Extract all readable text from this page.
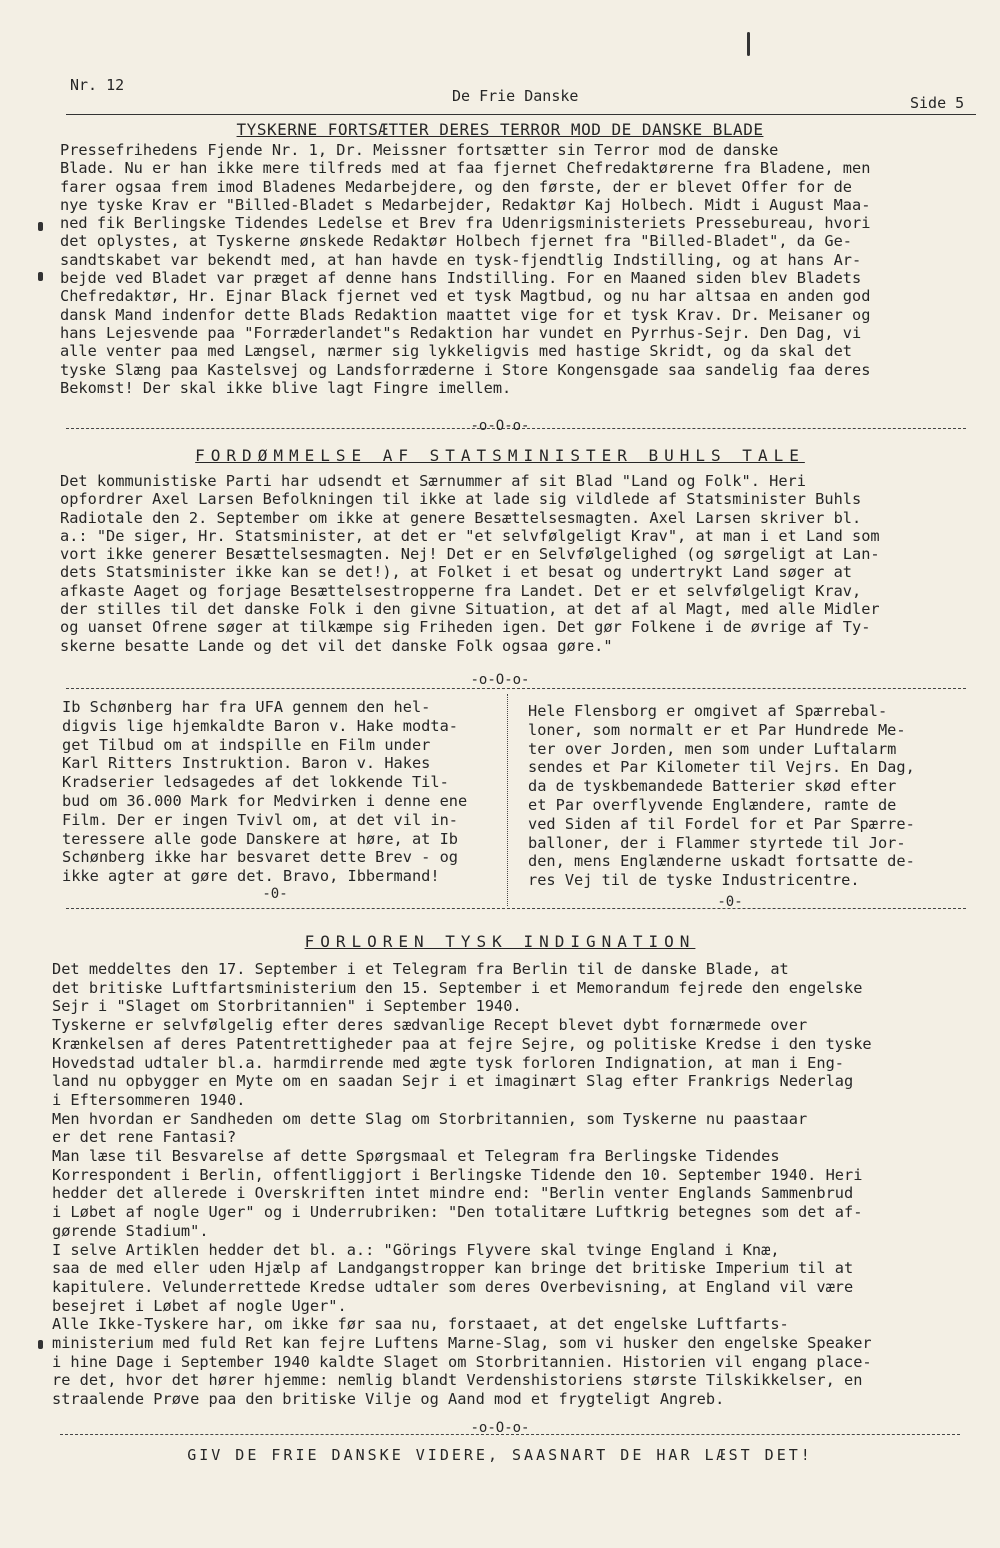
Nr. 12
De Frie Danske	Side 5
TYSKERNE FORTSÆTTER DERES TERROR MOD DE DANSKE BLADE

Pressefrihedens Fjende Nr. 1, Dr. Meissner fortsætter sin Terror mod de danske
Blade. Nu er han ikke mere tilfreds med at faa fjernet Chefredaktørerne fra Bladene, men
farer ogsaa frem imod Bladenes Medarbejdere, og den første, der er blevet Offer for de
nye tyske Krav er "Billed-Bladet s Medarbejder, Redaktør Kaj Holbech. Midt i August Maa-
ned fik Berlingske Tidendes Ledelse et Brev fra Udenrigsministeriets Pressebureau, hvori
det oplystes, at Tyskerne ønskede Redaktør Holbech fjernet fra "Billed-Bladet", da Ge-
sandtskabet var bekendt med, at han havde en tysk-fjendtlig Indstilling, og at hans Ar-
bejde ved Bladet var præget af denne hans Indstilling. For en Maaned siden blev Bladets
Chefredaktør, Hr. Ejnar Black fjernet ved et tysk Magtbud, og nu har altsaa en anden god
dansk Mand indenfor dette Blads Redaktion maattet vige for et tysk Krav. Dr. Meisaner og
hans Lejesvende paa "Forræderlandet"s Redaktion har vundet en Pyrrhus-Sejr. Den Dag, vi
alle venter paa med Længsel, nærmer sig lykkeligvis med hastige Skridt, og da skal det
tyske Slæng paa Kastelsvej og Landsforræderne i Store Kongensgade saa sandelig faa deres
Bekomst! Der skal ikke blive lagt Fingre imellem.

-o-O-o-
FORDØMMELSE AF STATSMINISTER BUHLS TALE

Det kommunistiske Parti har udsendt et Særnummer af sit Blad "Land og Folk". Heri
opfordrer Axel Larsen Befolkningen til ikke at lade sig vildlede af Statsminister Buhls
Radiotale den 2. September om ikke at genere Besættelsesmagten. Axel Larsen skriver bl.
a.: "De siger, Hr. Statsminister, at det er "et selvfølgeligt Krav", at man i et Land som
vort ikke generer Besættelsesmagten. Nej! Det er en Selvfølgelighed (og sørgeligt at Lan-
dets Statsminister ikke kan se det!), at Folket i et besat og undertrykt Land søger at
afkaste Aaget og forjage Besættelsestropperne fra Landet. Det er et selvfølgeligt Krav,
der stilles til det danske Folk i den givne Situation, at det af al Magt, med alle Midler
og uanset Ofrene søger at tilkæmpe sig Friheden igen. Det gør Folkene i de øvrige af Ty-
skerne besatte Lande og det vil det danske Folk ogsaa gøre."

-o-O-o-

Ib Schønberg har fra UFA gennem den hel-
digvis lige hjemkaldte Baron v. Hake modta-
get Tilbud om at indspille en Film under
Karl Ritters Instruktion. Baron v. Hakes
Kradserier ledsagedes af det lokkende Til-
bud om 36.000 Mark for Medvirken i denne ene
Film. Der er ingen Tvivl om, at det vil in-
teressere alle gode Danskere at høre, at Ib
Schønberg ikke har besvaret dette Brev - og
ikke agter at gøre det. Bravo, Ibbermand!

-0-

Hele Flensborg er omgivet af Spærrebal-
loner, som normalt er et Par Hundrede Me-
ter over Jorden, men som under Luftalarm
sendes et Par Kilometer til Vejrs. En Dag,
da de tyskbemandede Batterier skød efter
et Par overflyvende Englændere, ramte de
ved Siden af til Fordel for et Par Spærre-
balloner, der i Flammer styrtede til Jor-
den, mens Englænderne uskadt fortsatte de-
res Vej til de tyske Industricentre.

-0-
FORLOREN TYSK INDIGNATION

Det meddeltes den 17. September i et Telegram fra Berlin til de danske Blade, at
det britiske Luftfartsministerium den 15. September i et Memorandum fejrede den engelske
Sejr i "Slaget om Storbritannien" i September 1940.
Tyskerne er selvfølgelig efter deres sædvanlige Recept blevet dybt fornærmede over
Krænkelsen af deres Patentrettigheder paa at fejre Sejre, og politiske Kredse i den tyske
Hovedstad udtaler bl.a. harmdirrende med ægte tysk forloren Indignation, at man i Eng-
land nu opbygger en Myte om en saadan Sejr i et imaginært Slag efter Frankrigs Nederlag
i Eftersommeren 1940.
Men hvordan er Sandheden om dette Slag om Storbritannien, som Tyskerne nu paastaar
er det rene Fantasi?
Man læse til Besvarelse af dette Spørgsmaal et Telegram fra Berlingske Tidendes
Korrespondent i Berlin, offentliggjort i Berlingske Tidende den 10. September 1940. Heri
hedder det allerede i Overskriften intet mindre end: "Berlin venter Englands Sammenbrud
i Løbet af nogle Uger" og i Underrubriken: "Den totalitære Luftkrig betegnes som det af-
gørende Stadium".
I selve Artiklen hedder det bl. a.: "Görings Flyvere skal tvinge England i Knæ,
saa de med eller uden Hjælp af Landgangstropper kan bringe det britiske Imperium til at
kapitulere. Velunderrettede Kredse udtaler som deres Overbevisning, at England vil være
besejret i Løbet af nogle Uger".
Alle Ikke-Tyskere har, om ikke før saa nu, forstaaet, at det engelske Luftfarts-
ministerium med fuld Ret kan fejre Luftens Marne-Slag, som vi husker den engelske Speaker
i hine Dage i September 1940 kaldte Slaget om Storbritannien. Historien vil engang place-
re det, hvor det hører hjemme: nemlig blandt Verdenshistoriens største Tilskikkelser, en
straalende Prøve paa den britiske Vilje og Aand mod et frygteligt Angreb.

-o-O-o-
GIV DE FRIE DANSKE VIDERE, SAASNART DE HAR LÆST DET!
